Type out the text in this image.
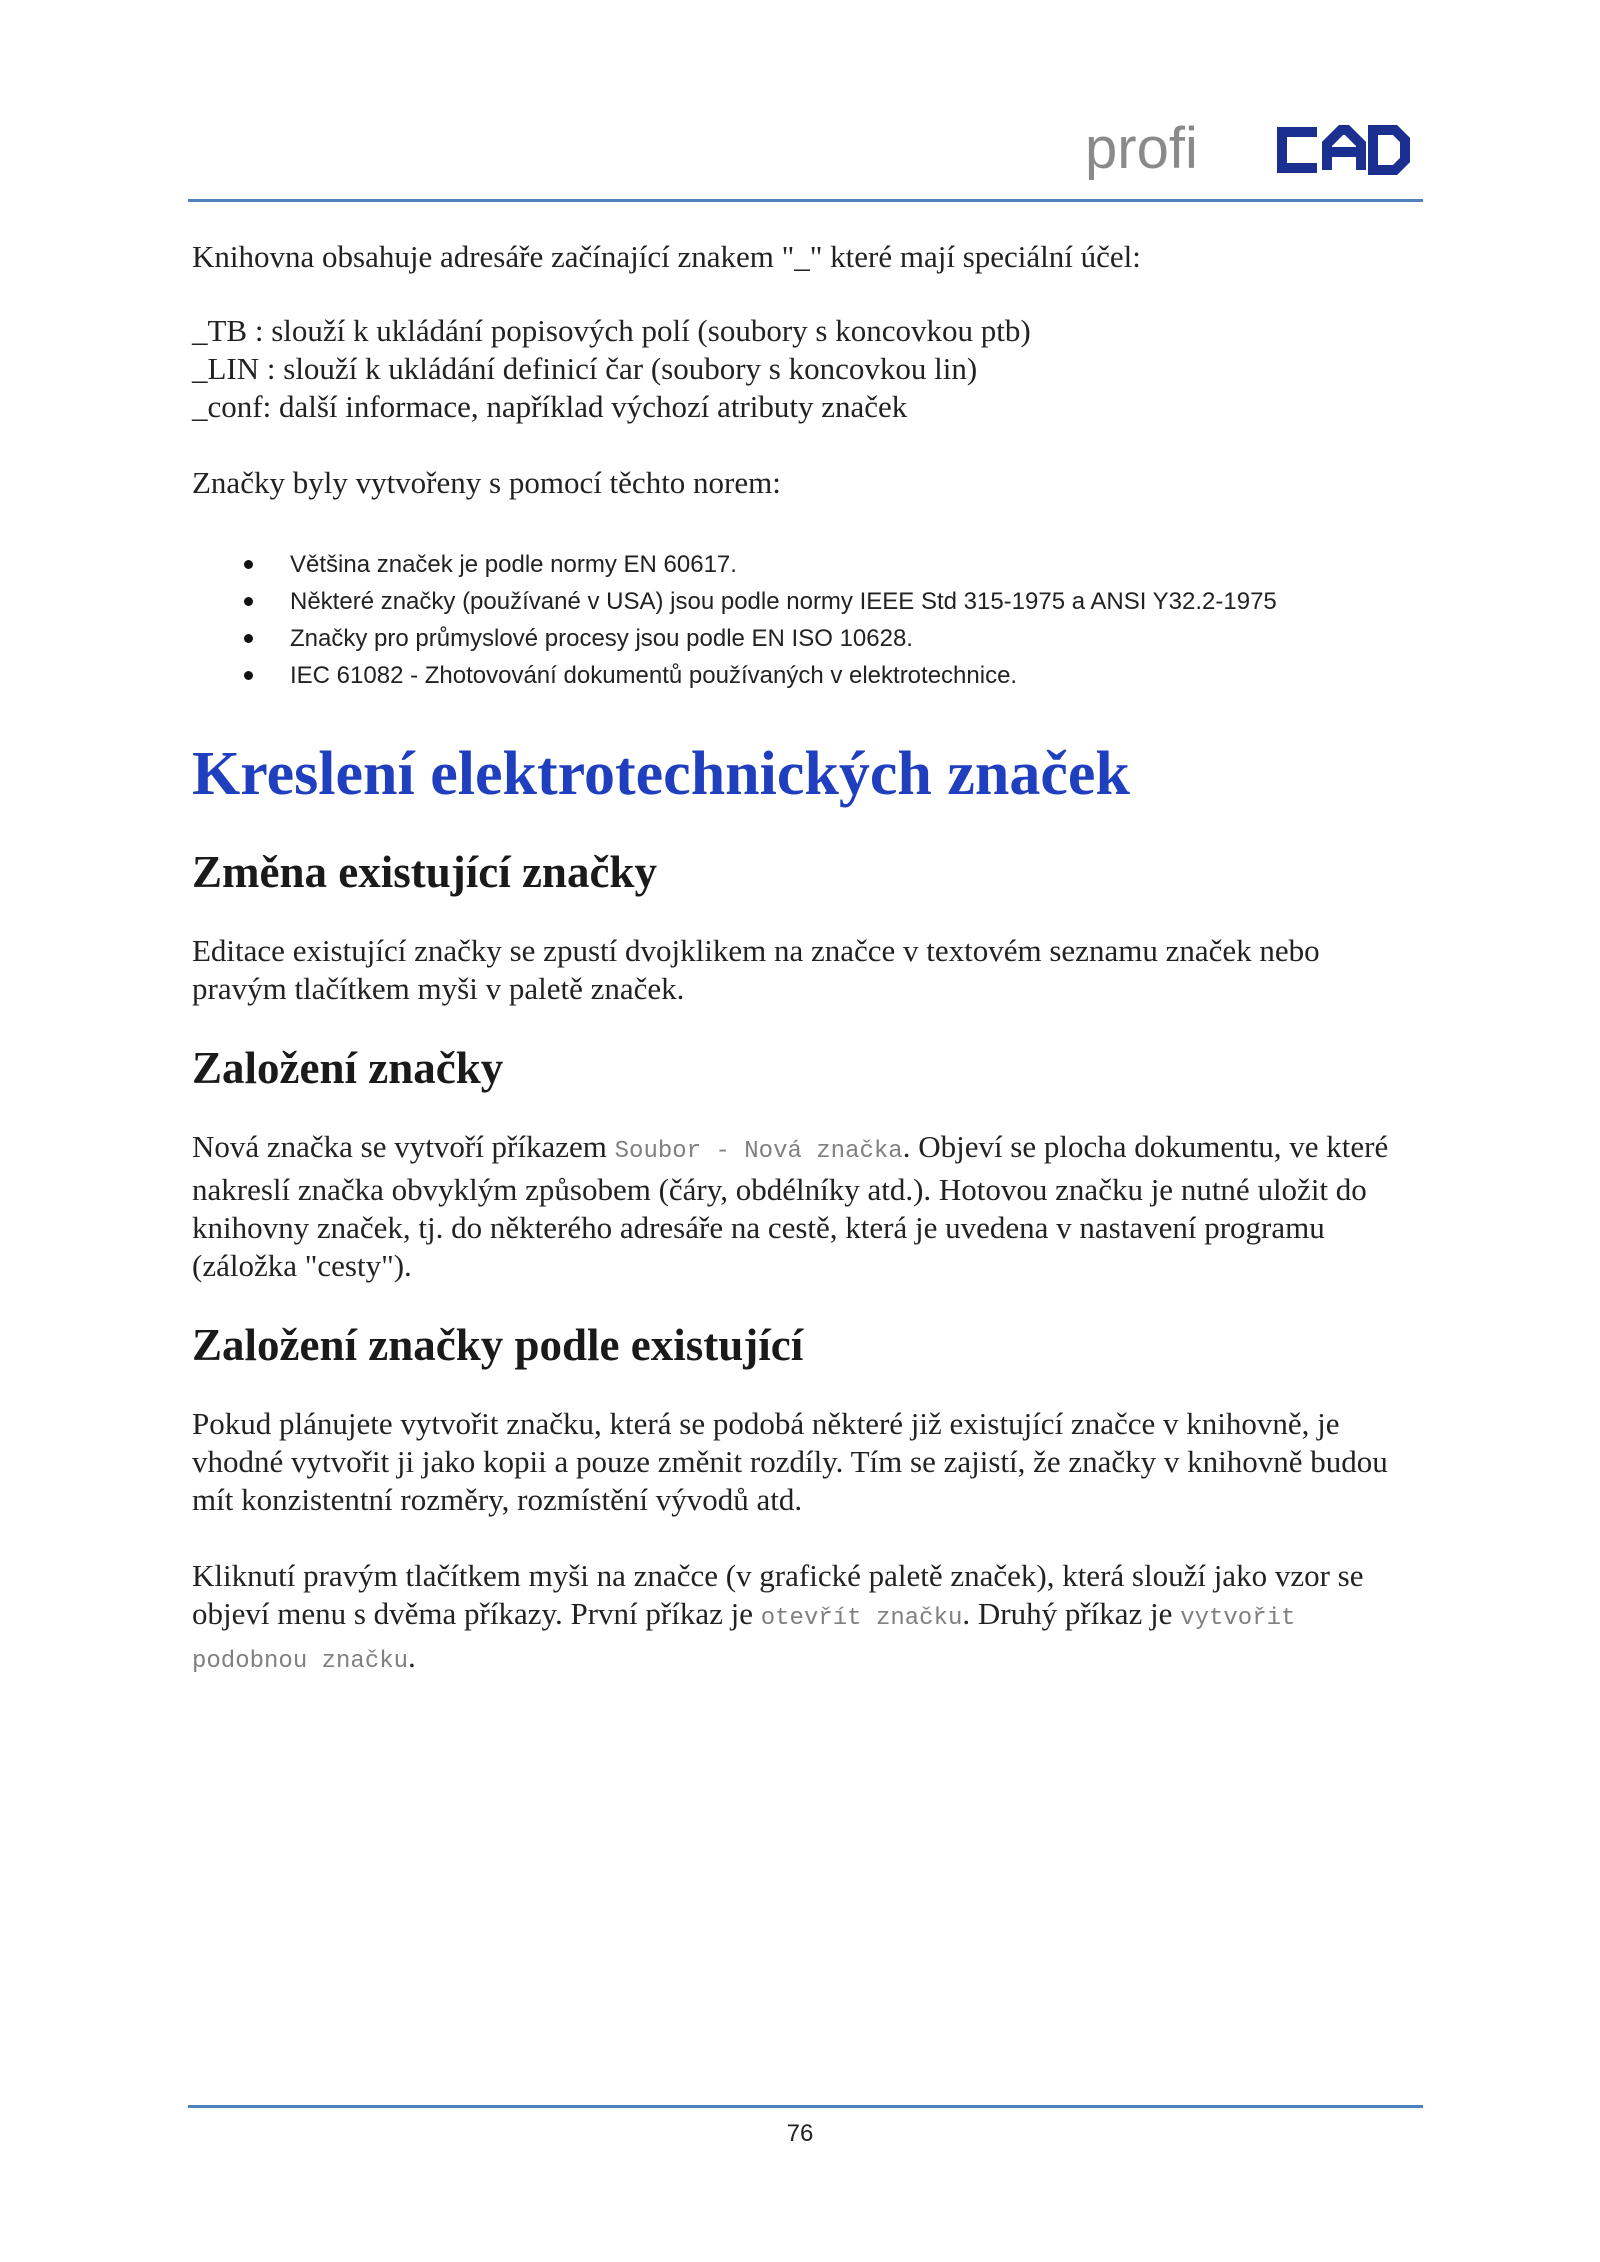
profi

Knihovna obsahuje adresáře začínající znakem "_" které mají speciální účel:

_TB : slouží k ukládání popisových polí (soubory s koncovkou ptb)

_LIN : slouží k ukládání definicí čar (soubory s koncovkou lin)

_conf: další informace, například výchozí atributy značek

Značky byly vytvořeny s pomocí těchto norem:

Většina značek je podle normy EN 60617.
Některé značky (používané v USA) jsou podle normy IEEE Std 315-1975 a ANSI Y32.2-1975
Značky pro průmyslové procesy jsou podle EN ISO 10628.
IEC 61082 - Zhotovování dokumentů používaných v elektrotechnice.
Kreslení elektrotechnických značek
Změna existující značky

Editace existující značky se zpustí dvojklikem na značce v textovém seznamu značek nebo pravým tlačítkem myši v paletě značek.

Založení značky

Nová značka se vytvoří příkazem Soubor - Nová značka. Objeví se plocha dokumentu, ve které nakreslí značka obvyklým způsobem (čáry, obdélníky atd.). Hotovou značku je nutné uložit do knihovny značek, tj. do některého adresáře na cestě, která je uvedena v nastavení programu (záložka "cesty").

Založení značky podle existující

Pokud plánujete vytvořit značku, která se podobá některé již existující značce v knihovně, je vhodné vytvořit ji jako kopii a pouze změnit rozdíly. Tím se zajistí, že značky v knihovně budou mít konzistentní rozměry, rozmístění vývodů atd.

Kliknutí pravým tlačítkem myši na značce (v grafické paletě značek), která slouží jako vzor se objeví menu s dvěma příkazy. První příkaz je otevřít značku. Druhý příkaz je vytvořit podobnou značku.

76
